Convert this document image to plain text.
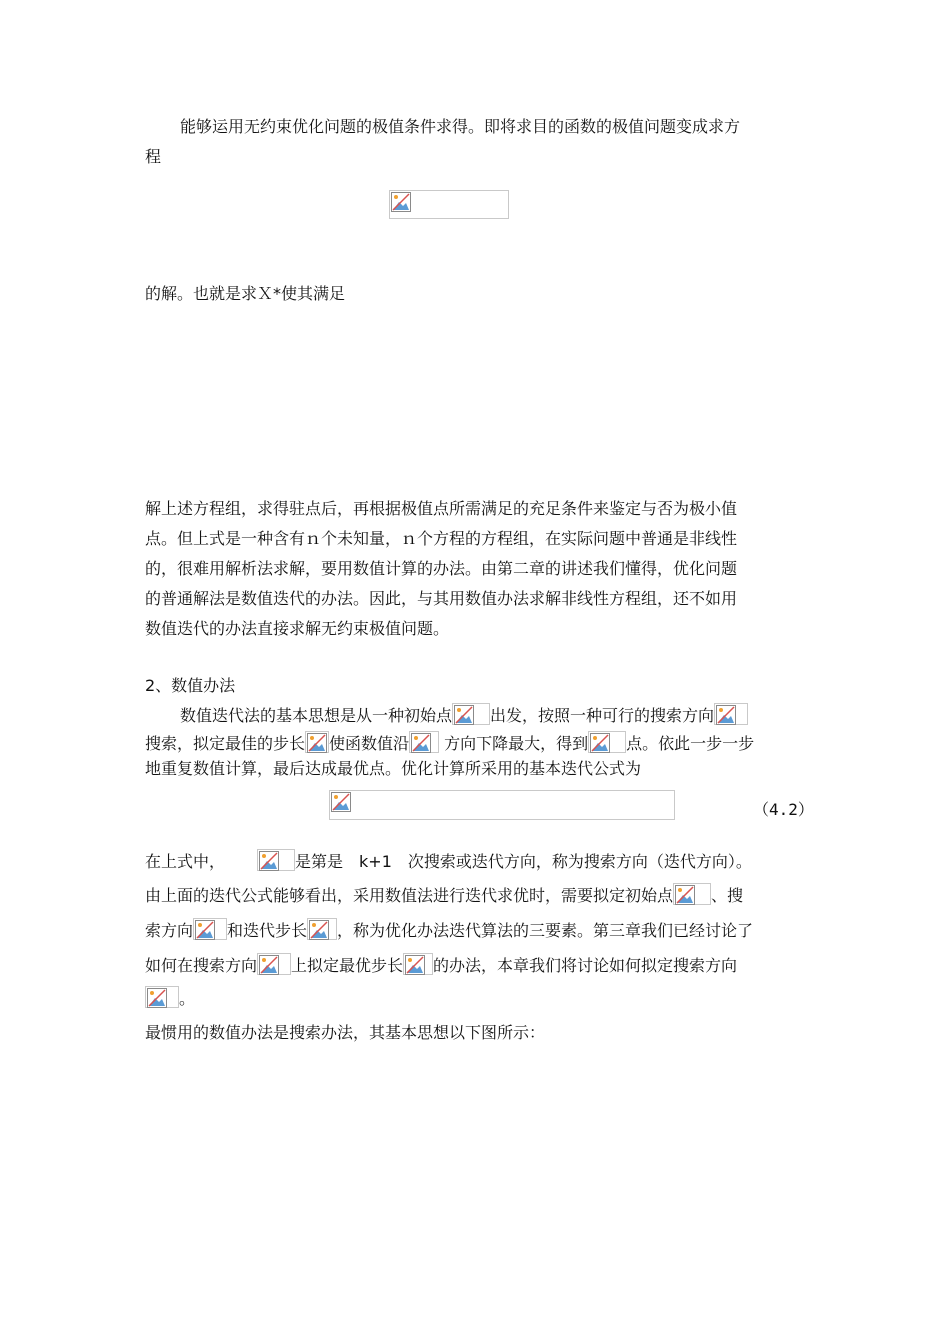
能够运用无约束优化问题的极值条件求得。即将求目的函数的极值问题变成求方
程
的解。也就是求Ｘ*使其满足
解上述方程组，求得驻点后，再根据极值点所需满足的充足条件来鉴定与否为极小值
点。但上式是一种含有ｎ个未知量，ｎ个方程的方程组，在实际问题中普通是非线性
的，很难用解析法求解，要用数值计算的办法。由第二章的讲述我们懂得，优化问题
的普通解法是数值迭代的办法。因此，与其用数值办法求解非线性方程组，还不如用
数值迭代的办法直接求解无约束极值问题。
2、数值办法
数值迭代法的基本思想是从一种初始点 出发，按照一种可行的搜索方向
搜索，拟定最佳的步长 使函数值沿
方向下降最大，得到 点。依此一步一步
地重复数值计算，最后达成最优点。优化计算所采用的基本迭代公式为
（4.2）
在上式中，	是第是　k+1　次搜索或迭代方向，称为搜索方向（迭代方向）。
由上面的迭代公式能够看出，采用数值法进行迭代求优时，需要拟定初始点 、搜
索方向 和迭代步长 ，称为优化办法迭代算法的三要素。第三章我们已经讨论了
如何在搜索方向 上拟定最优步长 的办法，本章我们将讨论如何拟定搜索方向
。
最惯用的数值办法是搜索办法，其基本思想以下图所示：
